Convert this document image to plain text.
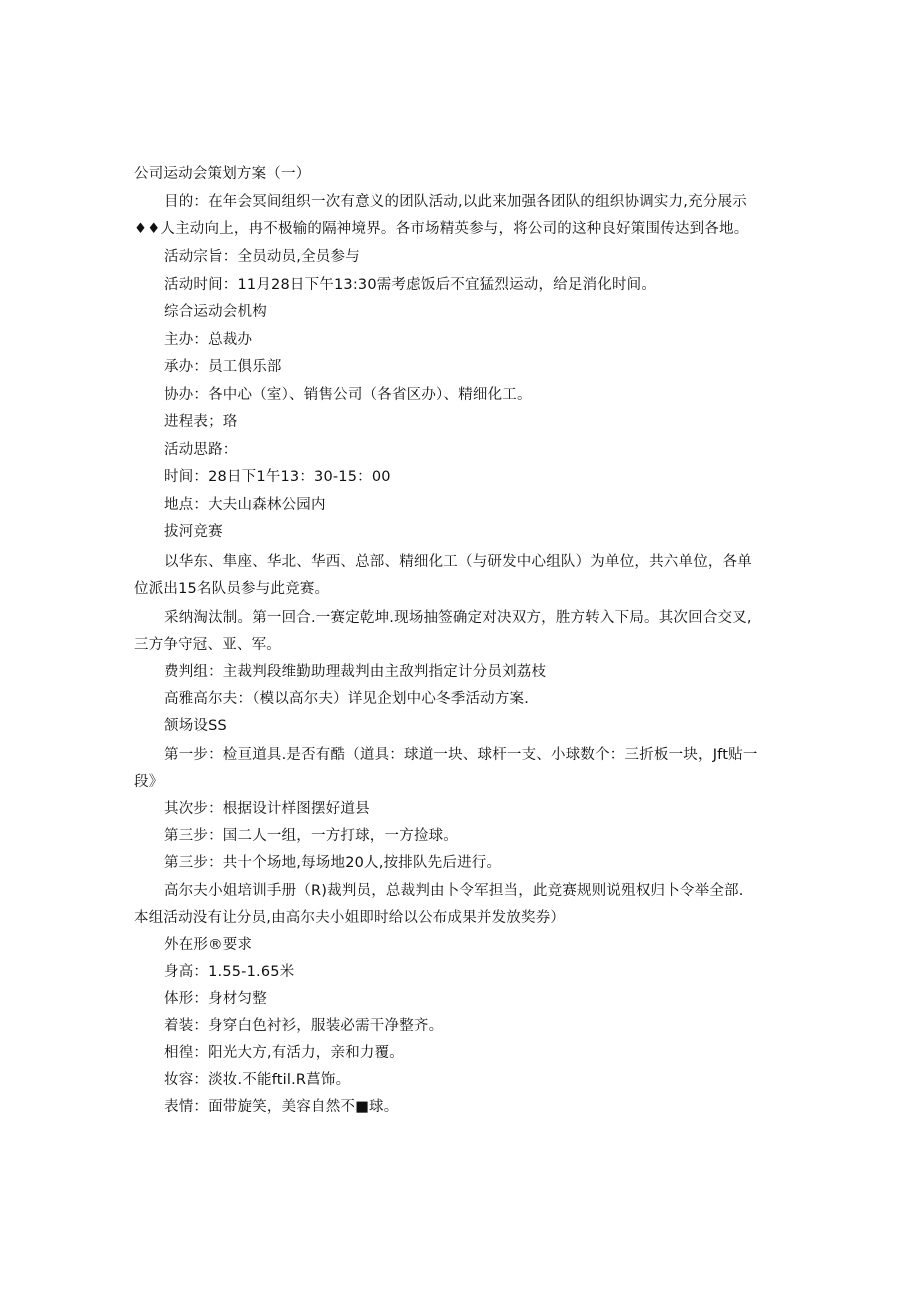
公司运动会策划方案（一）
目的：在年会冥间组织一次有意义的团队活动,以此来加强各团队的组织协调实力,充分展示♦♦人主动向上，冉不极输的隔神境界。各市场精英参与，将公司的这种良好策围传达到各地。
活动宗旨：全员动员,全员参与
活动时间：11月28日下午13:30需考虑饭后不宜猛烈运动，给足消化时间。
综合运动会机构
主办：总裁办
承办：员工俱乐部
协办：各中心（室）、销售公司（各省区办）、精细化工。
进程表；珞
活动思路：
时间：28日下1午13：30-15：00
地点：大夫山森林公园内
拔河竞赛
以华东、隼座、华北、华西、总部、精细化工（与研发中心组队）为单位，共六单位，各单位派出15名队员参与此竞赛。
采纳淘汰制。第一回合.一赛定乾坤.现场抽签确定对决双方，胜方转入下局。其次回合交叉,三方争守冠、亚、军。
费判组：主裁判段维勤助理裁判由主敌判指定计分员刘荔枝
高雅高尔夫：（模以高尔夫）详见企划中心冬季活动方案.
颔场设SS
第一步：检亘道具.是否有酷（道具：球道一块、球杆一支、小球数个：三折板一块，Jft贴一段》
其次步：根据设计样图摆好道县
第三步：国二人一组，一方打球，一方捡球。
第三步：共十个场地,每场地20人,按排队先后进行。
高尔夫小姐培训手册（R)裁判员，总裁判由卜令军担当，此竞赛规则说殂权归卜令举全部.本组活动没有让分员,由高尔夫小姐即时给以公布成果并发放奖券）
外在形®要求
身高：1.55-1.65米
体形：身材匀整
着装：身穿白色衬衫，服装必需干净整齐。
相徨：阳光大方,有活力，亲和力覆。
妆容：淡妆.不能ftil.R菖饰。
表情：面带旋笑，美容自然不■球。
